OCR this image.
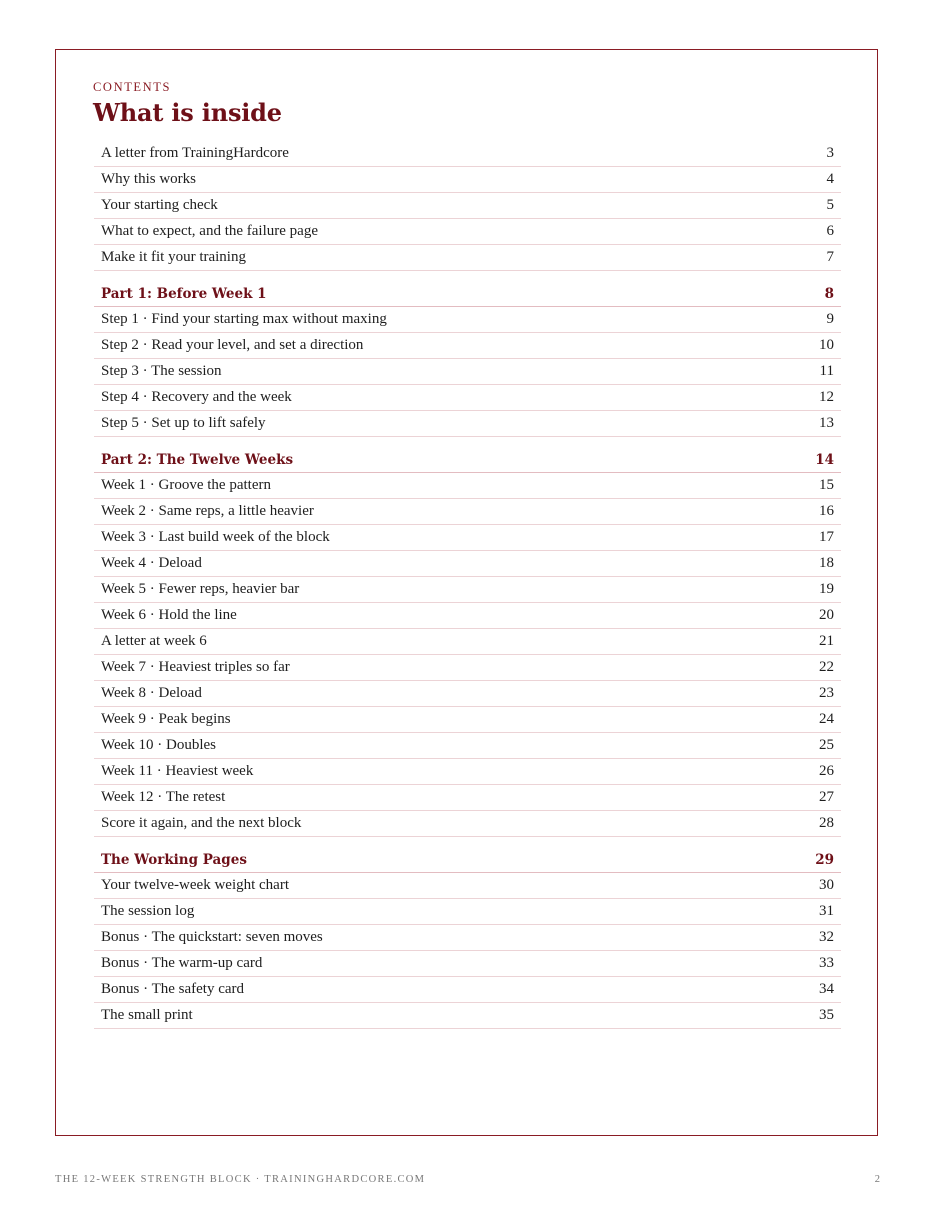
CONTENTS
What is inside
A letter from TrainingHardcore	3
Why this works	4
Your starting check	5
What to expect, and the failure page	6
Make it fit your training	7
Part 1: Before Week 1	8
Step 1 · Find your starting max without maxing	9
Step 2 · Read your level, and set a direction	10
Step 3 · The session	11
Step 4 · Recovery and the week	12
Step 5 · Set up to lift safely	13
Part 2: The Twelve Weeks	14
Week 1 · Groove the pattern	15
Week 2 · Same reps, a little heavier	16
Week 3 · Last build week of the block	17
Week 4 · Deload	18
Week 5 · Fewer reps, heavier bar	19
Week 6 · Hold the line	20
A letter at week 6	21
Week 7 · Heaviest triples so far	22
Week 8 · Deload	23
Week 9 · Peak begins	24
Week 10 · Doubles	25
Week 11 · Heaviest week	26
Week 12 · The retest	27
Score it again, and the next block	28
The Working Pages	29
Your twelve-week weight chart	30
The session log	31
Bonus · The quickstart: seven moves	32
Bonus · The warm-up card	33
Bonus · The safety card	34
The small print	35
THE 12-WEEK STRENGTH BLOCK · TRAININGHARDCORE.COM	2
